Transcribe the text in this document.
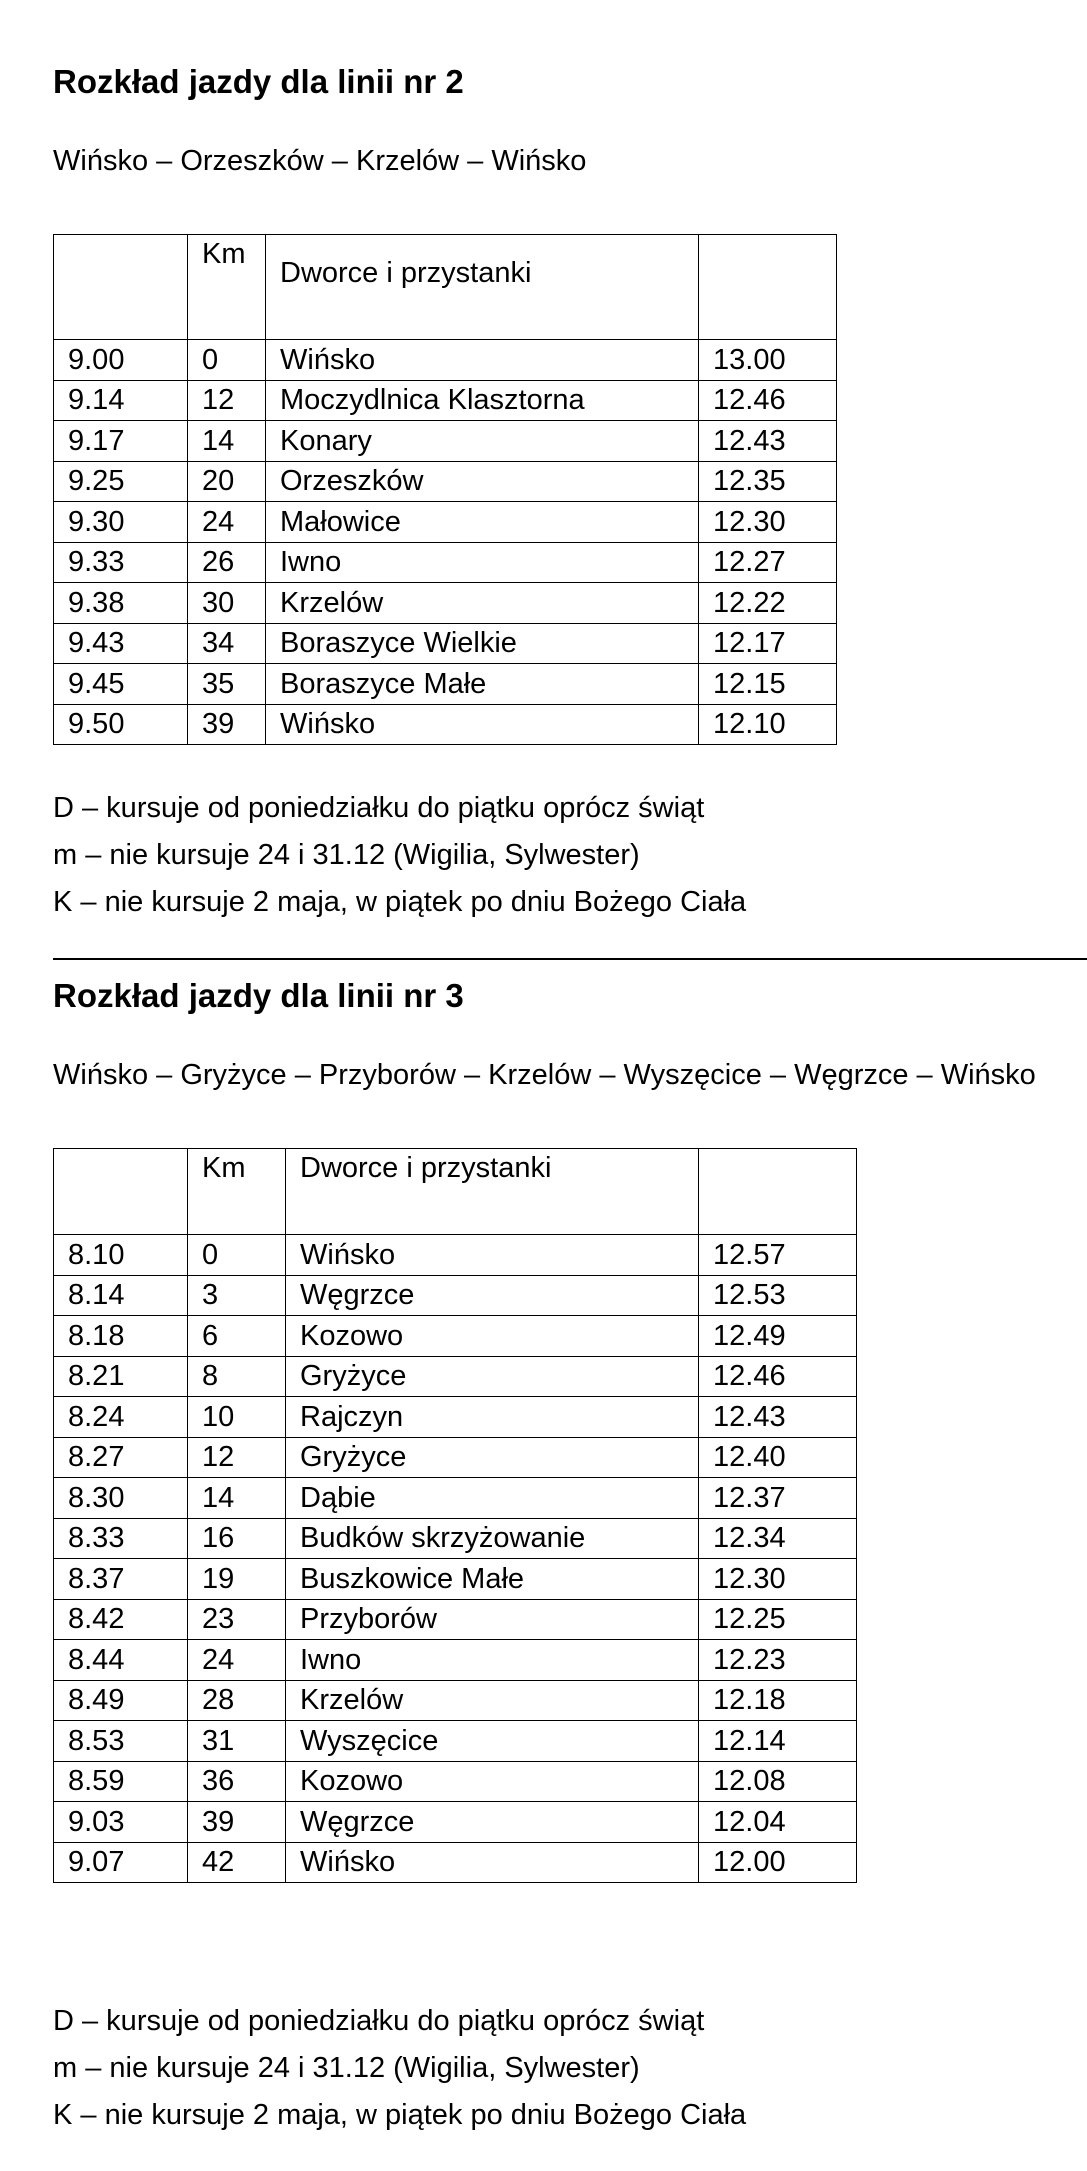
Rozkład jazdy dla linii nr 2

Wińsko – Orzeszków – Krzelów – Wińsko

	Km	Dworce i przystanki	
9.00	0	Wińsko	13.00
9.14	12	Moczydlnica Klasztorna	12.46
9.17	14	Konary	12.43
9.25	20	Orzeszków	12.35
9.30	24	Małowice	12.30
9.33	26	Iwno	12.27
9.38	30	Krzelów	12.22
9.43	34	Boraszyce Wielkie	12.17
9.45	35	Boraszyce Małe	12.15
9.50	39	Wińsko	12.10
D – kursuje od poniedziałku do piątku oprócz świąt
m – nie kursuje 24 i 31.12 (Wigilia, Sylwester)
K – nie kursuje 2 maja, w piątek po dniu Bożego Ciała
Rozkład jazdy dla linii nr 3

Wińsko – Gryżyce – Przyborów – Krzelów – Wyszęcice – Węgrzce – Wińsko

	Km	Dworce i przystanki	
8.10	0	Wińsko	12.57
8.14	3	Węgrzce	12.53
8.18	6	Kozowo	12.49
8.21	8	Gryżyce	12.46
8.24	10	Rajczyn	12.43
8.27	12	Gryżyce	12.40
8.30	14	Dąbie	12.37
8.33	16	Budków skrzyżowanie	12.34
8.37	19	Buszkowice Małe	12.30
8.42	23	Przyborów	12.25
8.44	24	Iwno	12.23
8.49	28	Krzelów	12.18
8.53	31	Wyszęcice	12.14
8.59	36	Kozowo	12.08
9.03	39	Węgrzce	12.04
9.07	42	Wińsko	12.00
D – kursuje od poniedziałku do piątku oprócz świąt
m – nie kursuje 24 i 31.12 (Wigilia, Sylwester)
K – nie kursuje 2 maja, w piątek po dniu Bożego Ciała
